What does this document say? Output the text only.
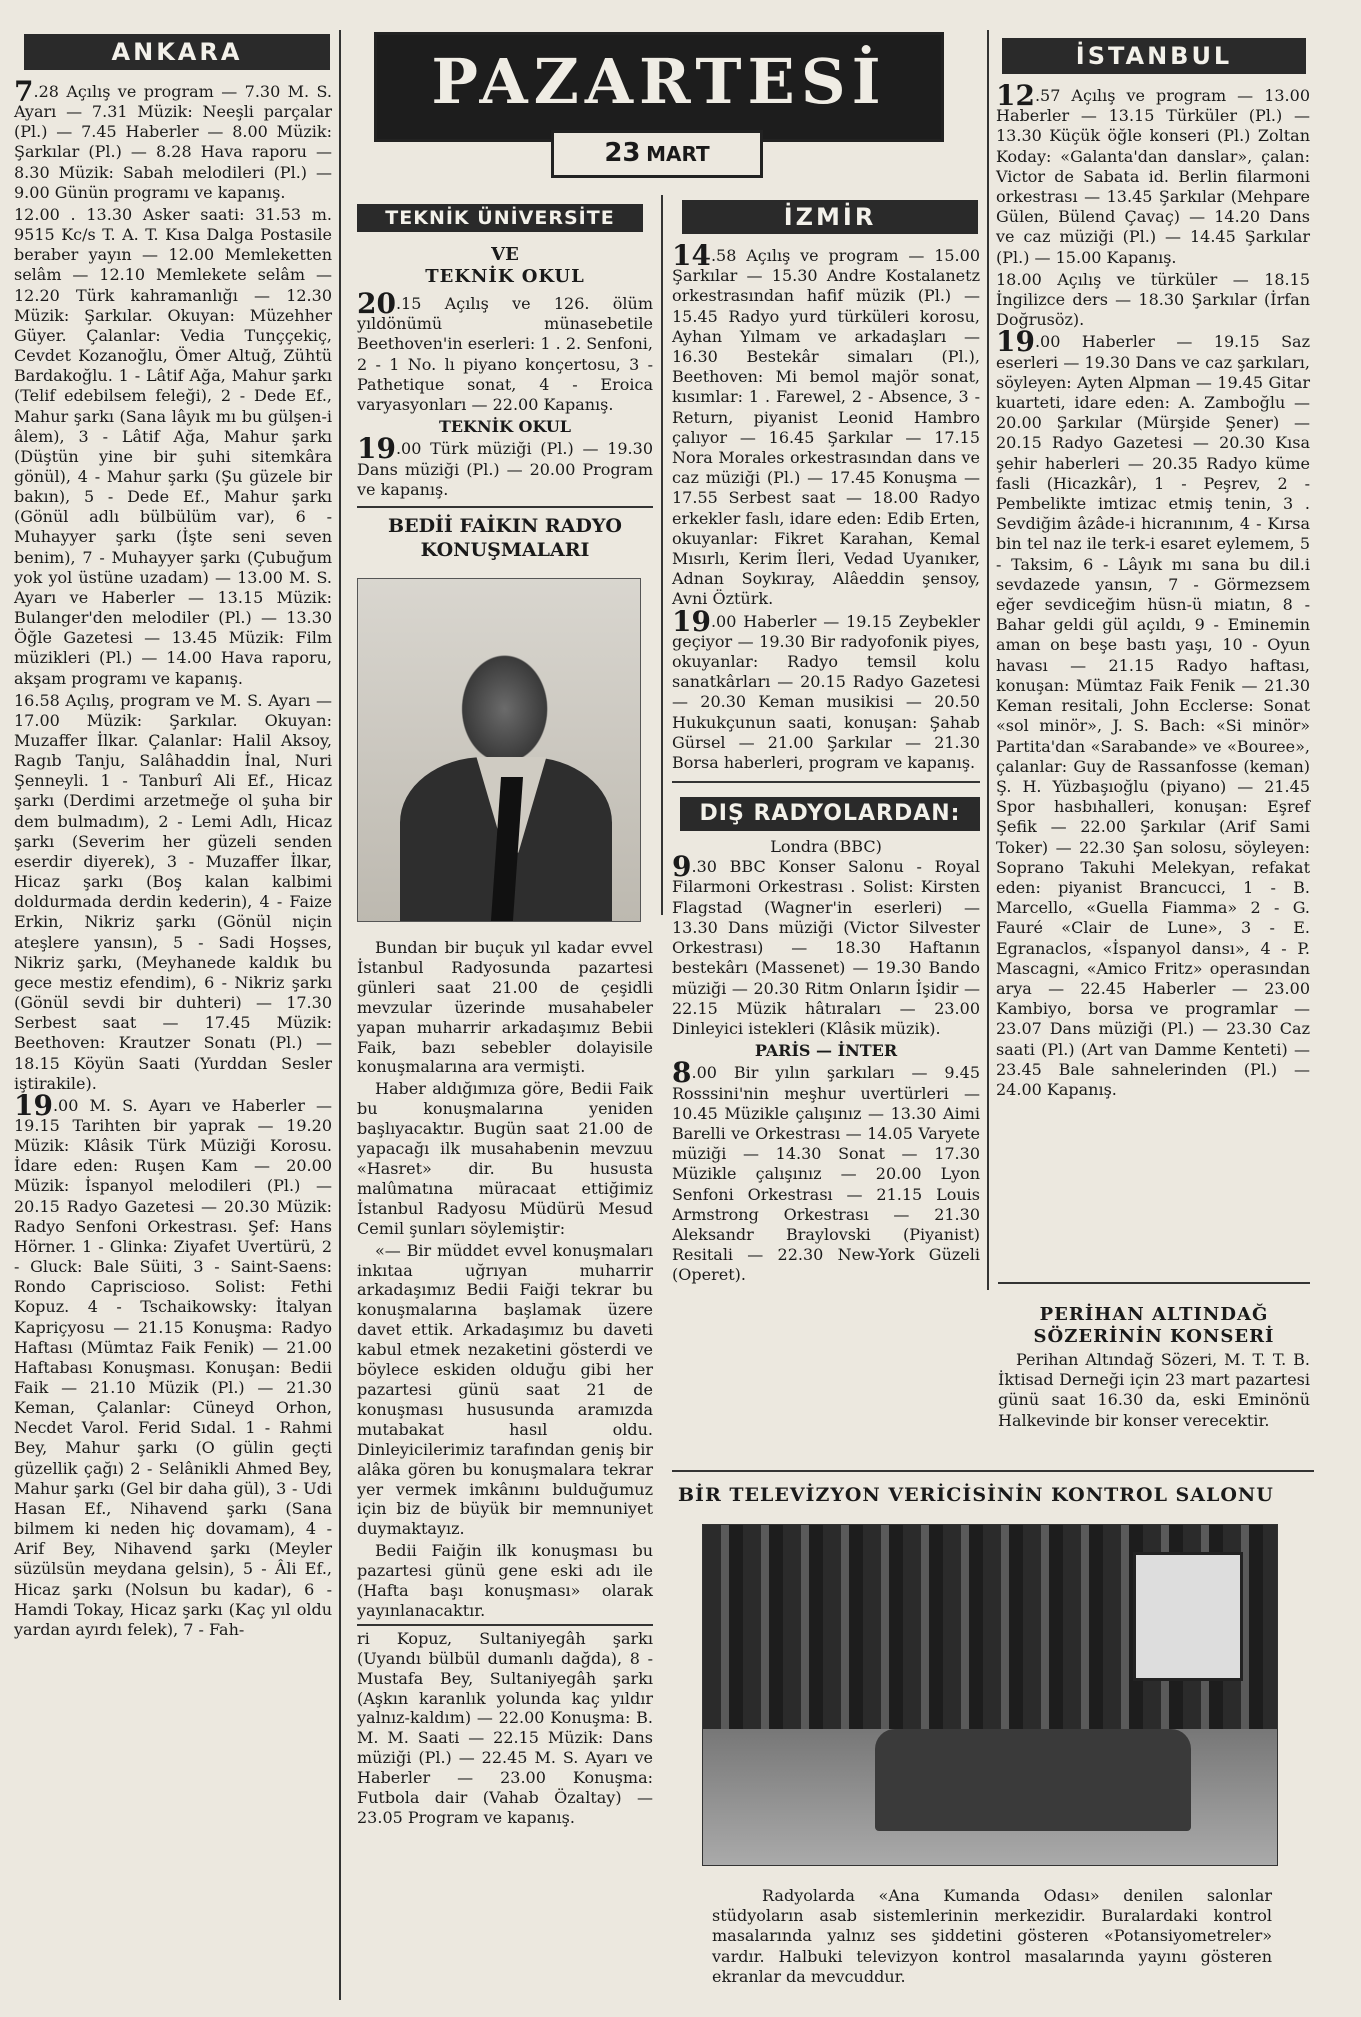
ANKARA

7.28 Açılış ve program — 7.30 M. S. Ayarı — 7.31 Müzik: Neeşli parçalar (Pl.) — 7.45 Haberler — 8.00 Müzik: Şarkılar (Pl.) — 8.28 Hava raporu — 8.30 Müzik: Sabah melodileri (Pl.) — 9.00 Günün programı ve kapanış.

12.00 . 13.30 Asker saati: 31.53 m. 9515 Kc/s T. A. T. Kısa Dalga Postasile beraber yayın — 12.00 Memleketten selâm — 12.10 Memlekete selâm — 12.20 Türk kahramanlığı — 12.30 Müzik: Şarkılar. Okuyan: Müzehher Güyer. Çalanlar: Vedia Tunççekiç, Cevdet Kozanoğlu, Ömer Altuğ, Zühtü Bardakoğlu. 1 - Lâtif Ağa, Mahur şarkı (Telif edebilsem feleği), 2 - Dede Ef., Mahur şarkı (Sana lâyık mı bu gülşen-i âlem), 3 - Lâtif Ağa, Mahur şarkı (Düştün yine bir şuhi sitemkâra gönül), 4 - Mahur şarkı (Şu güzele bir bakın), 5 - Dede Ef., Mahur şarkı (Gönül adlı bülbülüm var), 6 - Muhayyer şarkı (İşte seni seven benim), 7 - Muhayyer şarkı (Çubuğum yok yol üstüne uzadam) — 13.00 M. S. Ayarı ve Haberler — 13.15 Müzik: Bulanger'den melodiler (Pl.) — 13.30 Öğle Gazetesi — 13.45 Müzik: Film müzikleri (Pl.) — 14.00 Hava raporu, akşam programı ve kapanış.

16.58 Açılış, program ve M. S. Ayarı — 17.00 Müzik: Şarkılar. Okuyan: Muzaffer İlkar. Çalanlar: Halil Aksoy, Ragıb Tanju, Salâhaddin İnal, Nuri Şenneyli. 1 - Tanburî Ali Ef., Hicaz şarkı (Derdimi arzetmeğe ol şuha bir dem bulmadım), 2 - Lemi Adlı, Hicaz şarkı (Severim her güzeli senden eserdir diyerek), 3 - Muzaffer İlkar, Hicaz şarkı (Boş kalan kalbimi doldurmada derdin kederin), 4 - Faize Erkin, Nikriz şarkı (Gönül niçin ateşlere yansın), 5 - Sadi Hoşses, Nikriz şarkı, (Meyhanede kaldık bu gece mestiz efendim), 6 - Nikriz şarkı (Gönül sevdi bir duhteri) — 17.30 Serbest saat — 17.45 Müzik: Beethoven: Krautzer Sonatı (Pl.) — 18.15 Köyün Saati (Yurddan Sesler iştirakile).

19.00 M. S. Ayarı ve Haberler — 19.15 Tarihten bir yaprak — 19.20 Müzik: Klâsik Türk Müziği Korosu. İdare eden: Ruşen Kam — 20.00 Müzik: İspanyol melodileri (Pl.) — 20.15 Radyo Gazetesi — 20.30 Müzik: Radyo Senfoni Orkestrası. Şef: Hans Hörner. 1 - Glinka: Ziyafet Uvertürü, 2 - Gluck: Bale Süiti, 3 - Saint-Saens: Rondo Capriscioso. Solist: Fethi Kopuz. 4 - Tschaikowsky: İtalyan Kapriçyosu — 21.15 Konuşma: Radyo Haftası (Mümtaz Faik Fenik) — 21.00 Haftabası Konuşması. Konuşan: Bedii Faik — 21.10 Müzik (Pl.) — 21.30 Keman, Çalanlar: Cüneyd Orhon, Necdet Varol. Ferid Sıdal. 1 - Rahmi Bey, Mahur şarkı (O gülin geçti güzellik çağı) 2 - Selânikli Ahmed Bey, Mahur şarkı (Gel bir daha gül), 3 - Udi Hasan Ef., Nihavend şarkı (Sana bilmem ki neden hiç dovamam), 4 - Arif Bey, Nihavend şarkı (Meyler süzülsün meydana gelsin), 5 - Âli Ef., Hicaz şarkı (Nolsun bu kadar), 6 - Hamdi Tokay, Hicaz şarkı (Kaç yıl oldu yardan ayırdı felek), 7 - Fah-

PAZARTESİ
23 MART
TEKNİK ÜNİVERSİTE
VE
TEKNİK OKUL

20.15 Açılış ve 126. ölüm yıldönümü münasebetile Beethoven'in eserleri: 1 . 2. Senfoni, 2 - 1 No. lı piyano konçertosu, 3 - Pathetique sonat, 4 - Eroica varyasyonları — 22.00 Kapanış.

TEKNİK OKUL

19.00 Türk müziği (Pl.) — 19.30 Dans müziği (Pl.) — 20.00 Program ve kapanış.

BEDİİ FAİKIN RADYO
KONUŞMALARI

Bundan bir buçuk yıl kadar evvel İstanbul Radyosunda pazartesi günleri saat 21.00 de çeşidli mevzular üzerinde musahabeler yapan muharrir arkadaşımız Bebii Faik, bazı sebebler dolayisile konuşmalarına ara vermişti.

Haber aldığımıza göre, Bedii Faik bu konuşmalarına yeniden başlıyacaktır. Bugün saat 21.00 de yapacağı ilk musahabenin mevzuu «Hasret» dir. Bu hususta malûmatına müracaat ettiğimiz İstanbul Radyosu Müdürü Mesud Cemil şunları söylemiştir:

«— Bir müddet evvel konuşmaları inkıtaa uğrıyan muharrir arkadaşımız Bedii Faiği tekrar bu konuşmalarına başlamak üzere davet ettik. Arkadaşımız bu daveti kabul etmek nezaketini gösterdi ve böylece eskiden olduğu gibi her pazartesi günü saat 21 de konuşması hususunda aramızda mutabakat hasıl oldu. Dinleyicilerimiz tarafından geniş bir alâka gören bu konuşmalara tekrar yer vermek imkânını bulduğumuz için biz de büyük bir memnuniyet duymaktayız.

Bedii Faiğin ilk konuşması bu pazartesi günü gene eski adı ile (Hafta başı konuşması» olarak yayınlanacaktır.

ri Kopuz, Sultaniyegâh şarkı (Uyandı bülbül dumanlı dağda), 8 - Mustafa Bey, Sultaniyegâh şarkı (Aşkın karanlık yolunda kaç yıldır yalnız-kaldım) — 22.00 Konuşma: B. M. M. Saati — 22.15 Müzik: Dans müziği (Pl.) — 22.45 M. S. Ayarı ve Haberler — 23.00 Konuşma: Futbola dair (Vahab Özaltay) — 23.05 Program ve kapanış.

İZMİR

14.58 Açılış ve program — 15.00 Şarkılar — 15.30 Andre Kostalanetz orkestrasından hafif müzik (Pl.) — 15.45 Radyo yurd türküleri korosu, Ayhan Yılmam ve arkadaşları — 16.30 Bestekâr simaları (Pl.), Beethoven: Mi bemol majör sonat, kısımlar: 1 . Farewel, 2 - Absence, 3 - Return, piyanist Leonid Hambro çalıyor — 16.45 Şarkılar — 17.15 Nora Morales orkestrasından dans ve caz müziği (Pl.) — 17.45 Konuşma — 17.55 Serbest saat — 18.00 Radyo erkekler faslı, idare eden: Edib Erten, okuyanlar: Fikret Karahan, Kemal Mısırlı, Kerim İleri, Vedad Uyanıker, Adnan Soykıray, Alâeddin şensoy, Avni Öztürk.

19.00 Haberler — 19.15 Zeybekler geçiyor — 19.30 Bir radyofonik piyes, okuyanlar: Radyo temsil kolu sanatkârları — 20.15 Radyo Gazetesi — 20.30 Keman musikisi — 20.50 Hukukçunun saati, konuşan: Şahab Gürsel — 21.00 Şarkılar — 21.30 Borsa haberleri, program ve kapanış.

DIŞ RADYOLARDAN:
Londra (BBC)

9.30 BBC Konser Salonu - Royal Filarmoni Orkestrası . Solist: Kirsten Flagstad (Wagner'in eserleri) — 13.30 Dans müziği (Victor Silvester Orkestrası) — 18.30 Haftanın bestekârı (Massenet) — 19.30 Bando müziği — 20.30 Ritm Onların İşidir — 22.15 Müzik hâtıraları — 23.00 Dinleyici istekleri (Klâsik müzik).

PARİS — İNTER

8.00 Bir yılın şarkıları — 9.45 Rosssini'nin meşhur uvertürleri — 10.45 Müzikle çalışınız — 13.30 Aimi Barelli ve Orkestrası — 14.05 Varyete müziği — 14.30 Sonat — 17.30 Müzikle çalışınız — 20.00 Lyon Senfoni Orkestrası — 21.15 Louis Armstrong Orkestrası — 21.30 Aleksandr Braylovski (Piyanist) Resitali — 22.30 New-York Güzeli (Operet).

İSTANBUL

12.57 Açılış ve program — 13.00 Haberler — 13.15 Türküler (Pl.) — 13.30 Küçük öğle konseri (Pl.) Zoltan Koday: «Galanta'dan danslar», çalan: Victor de Sabata id. Berlin filarmoni orkestrası — 13.45 Şarkılar (Mehpare Gülen, Bülend Çavaç) — 14.20 Dans ve caz müziği (Pl.) — 14.45 Şarkılar (Pl.) — 15.00 Kapanış.

18.00 Açılış ve türküler — 18.15 İngilizce ders — 18.30 Şarkılar (İrfan Doğrusöz).

19.00 Haberler — 19.15 Saz eserleri — 19.30 Dans ve caz şarkıları, söyleyen: Ayten Alpman — 19.45 Gitar kuarteti, idare eden: A. Zamboğlu — 20.00 Şarkılar (Mürşide Şener) — 20.15 Radyo Gazetesi — 20.30 Kısa şehir haberleri — 20.35 Radyo küme fasli (Hicazkâr), 1 - Peşrev, 2 - Pembelikte imtizac etmiş tenin, 3 . Sevdiğim âzâde-i hicranınım, 4 - Kırsa bin tel naz ile terk-i esaret eylemem, 5 - Taksim, 6 - Lâyık mı sana bu dil.i sevdazede yansın, 7 - Görmezsem eğer sevdiceğim hüsn-ü miatın, 8 - Bahar geldi gül açıldı, 9 - Eminemin aman on beşe bastı yaşı, 10 - Oyun havası — 21.15 Radyo haftası, konuşan: Mümtaz Faik Fenik — 21.30 Keman resitali, John Ecclerse: Sonat «sol minör», J. S. Bach: «Si minör» Partita'dan «Sarabande» ve «Bouree», çalanlar: Guy de Rassanfosse (keman) Ş. H. Yüzbaşıoğlu (piyano) — 21.45 Spor hasbıhalleri, konuşan: Eşref Şefik — 22.00 Şarkılar (Arif Sami Toker) — 22.30 Şan solosu, söyleyen: Soprano Takuhi Melekyan, refakat eden: piyanist Brancucci, 1 - B. Marcello, «Guella Fiamma» 2 - G. Fauré «Clair de Lune», 3 - E. Egranaclos, «İspanyol dansı», 4 - P. Mascagni, «Amico Fritz» operasından arya — 22.45 Haberler — 23.00 Kambiyo, borsa ve programlar — 23.07 Dans müziği (Pl.) — 23.30 Caz saati (Pl.) (Art van Damme Kenteti) — 23.45 Bale sahnelerinden (Pl.) — 24.00 Kapanış.

PERİHAN ALTINDAĞ
SÖZERİNİN KONSERİ

Perihan Altındağ Sözeri, M. T. T. B. İktisad Derneği için 23 mart pazartesi günü saat 16.30 da, eski Eminönü Halkevinde bir konser verecektir.

BİR TELEVİZYON VERİCİSİNİN KONTROL SALONU

Radyolarda «Ana Kumanda Odası» denilen salonlar stüdyoların asab sistemlerinin merkezidir. Buralardaki kontrol masalarında yalnız ses şiddetini gösteren «Potansiyometreler» vardır. Halbuki televizyon kontrol masalarında yayını gösteren ekranlar da mevcuddur.
